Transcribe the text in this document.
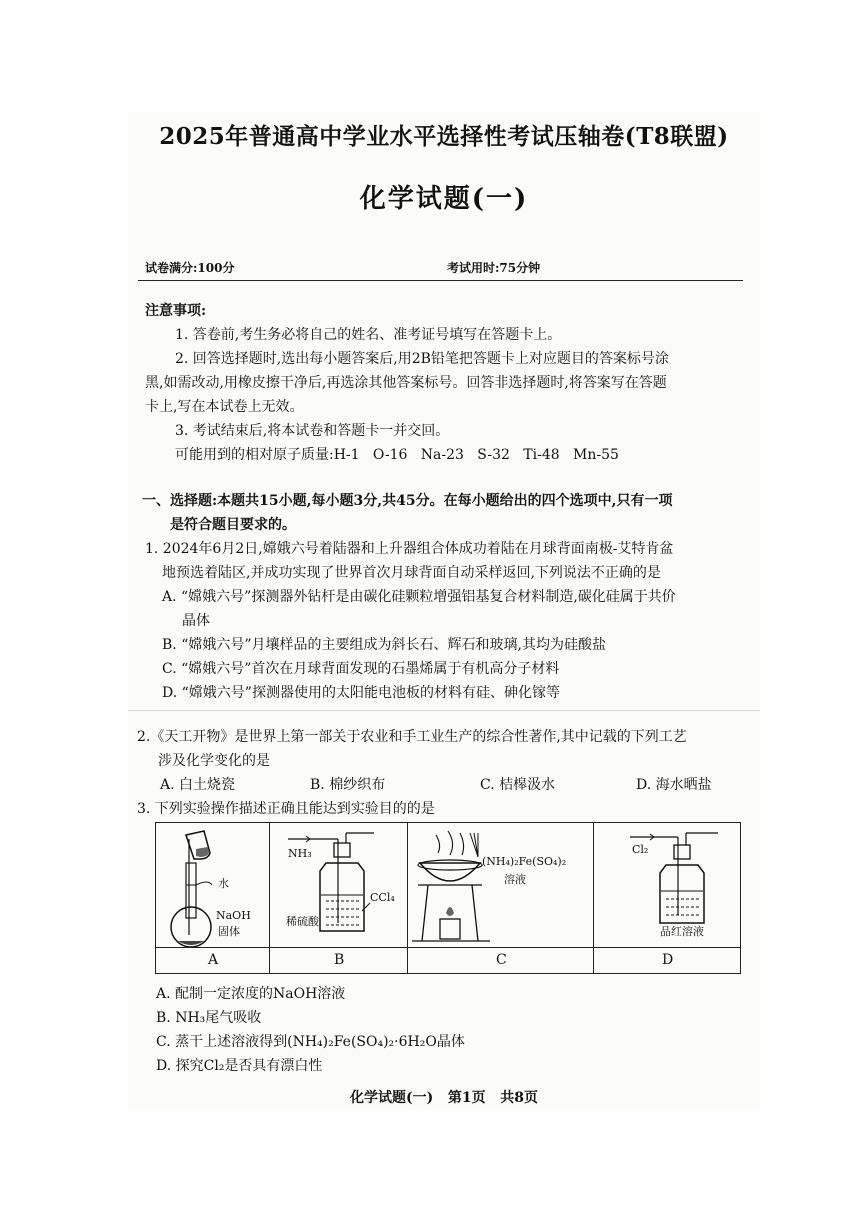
2025年普通高中学业水平选择性考试压轴卷(T8联盟)
化学试题(一)
试卷满分:100分	考试用时:75分钟
注意事项:
1. 答卷前,考生务必将自己的姓名、准考证号填写在答题卡上。
2. 回答选择题时,选出每小题答案后,用2B铅笔把答题卡上对应题目的答案标号涂
黑,如需改动,用橡皮擦干净后,再选涂其他答案标号。回答非选择题时,将答案写在答题
卡上,写在本试卷上无效。
3. 考试结束后,将本试卷和答题卡一并交回。
可能用到的相对原子质量:H-1   O-16   Na-23   S-32   Ti-48   Mn-55
一、选择题:本题共15小题,每小题3分,共45分。在每小题给出的四个选项中,只有一项
是符合题目要求的。
1. 2024年6月2日,嫦娥六号着陆器和上升器组合体成功着陆在月球背面南极-艾特肯盆
地预选着陆区,并成功实现了世界首次月球背面自动采样返回,下列说法不正确的是
A. “嫦娥六号”探测器外钻杆是由碳化硅颗粒增强铝基复合材料制造,碳化硅属于共价
晶体
B. “嫦娥六号”月壤样品的主要组成为斜长石、辉石和玻璃,其均为硅酸盐
C. “嫦娥六号”首次在月球背面发现的石墨烯属于有机高分子材料
D. “嫦娥六号”探测器使用的太阳能电池板的材料有硅、砷化镓等
2.《天工开物》是世界上第一部关于农业和手工业生产的综合性著作,其中记载的下列工艺
涉及化学变化的是
A. 白土烧瓷	B. 棉纱织布	C. 桔槔汲水	D. 海水晒盐
3. 下列实验操作描述正确且能达到实验目的的是
水
NaOH
固体
NH₃
CCl₄
稀硫酸
(NH₄)₂Fe(SO₄)₂
溶液
Cl₂
品红溶液
A	B	C	D
A. 配制一定浓度的NaOH溶液
B. NH₃尾气吸收
C. 蒸干上述溶液得到(NH₄)₂Fe(SO₄)₂·6H₂O晶体
D. 探究Cl₂是否具有漂白性
化学试题(一)   第1页   共8页
